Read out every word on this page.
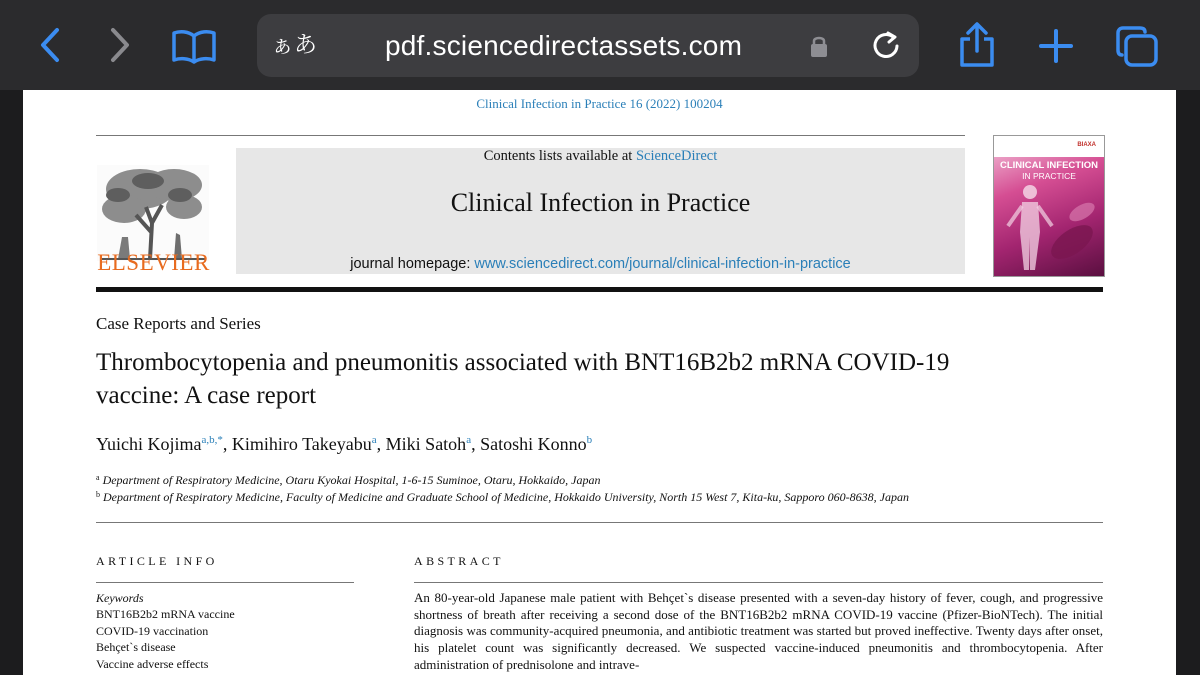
ぁあ pdf.sciencedirectassets.com
Clinical Infection in Practice 16 (2022) 100204
ELSEVIER
Contents lists available at ScienceDirect
Clinical Infection in Practice
journal homepage: www.sciencedirect.com/journal/clinical-infection-in-practice
BIAXA
CLINICAL INFECTION
IN PRACTICE
Case Reports and Series
Thrombocytopenia and pneumonitis associated with BNT16B2b2 mRNA COVID-19 vaccine: A case report
Yuichi Kojima$^{a,b,*}$, Kimihiro Takeyabu$^a$, Miki Satoh$^a$, Satoshi Konno$^b$
$^a$ Department of Respiratory Medicine, Otaru Kyokai Hospital, 1-6-15 Suminoe, Otaru, Hokkaido, Japan
$^b$ Department of Respiratory Medicine, Faculty of Medicine and Graduate School of Medicine, Hokkaido University, North 15 West 7, Kita-ku, Sapporo 060-8638, Japan
ARTICLE INFO	ABSTRACT
Keywords
BNT16B2b2 mRNA vaccine
COVID-19 vaccination
Behçet`s disease
Vaccine adverse effects
An 80-year-old Japanese male patient with Behçet`s disease presented with a seven-day history of fever, cough, and progressive shortness of breath after receiving a second dose of the BNT16B2b2 mRNA COVID-19 vaccine (Pfizer-BioNTech). The initial diagnosis was community-acquired pneumonia, and antibiotic treatment was started but proved ineffective. Twenty days after onset, his platelet count was significantly decreased. We suspected vaccine-induced pneumonitis and thrombocytopenia. After administration of prednisolone and intrave-
